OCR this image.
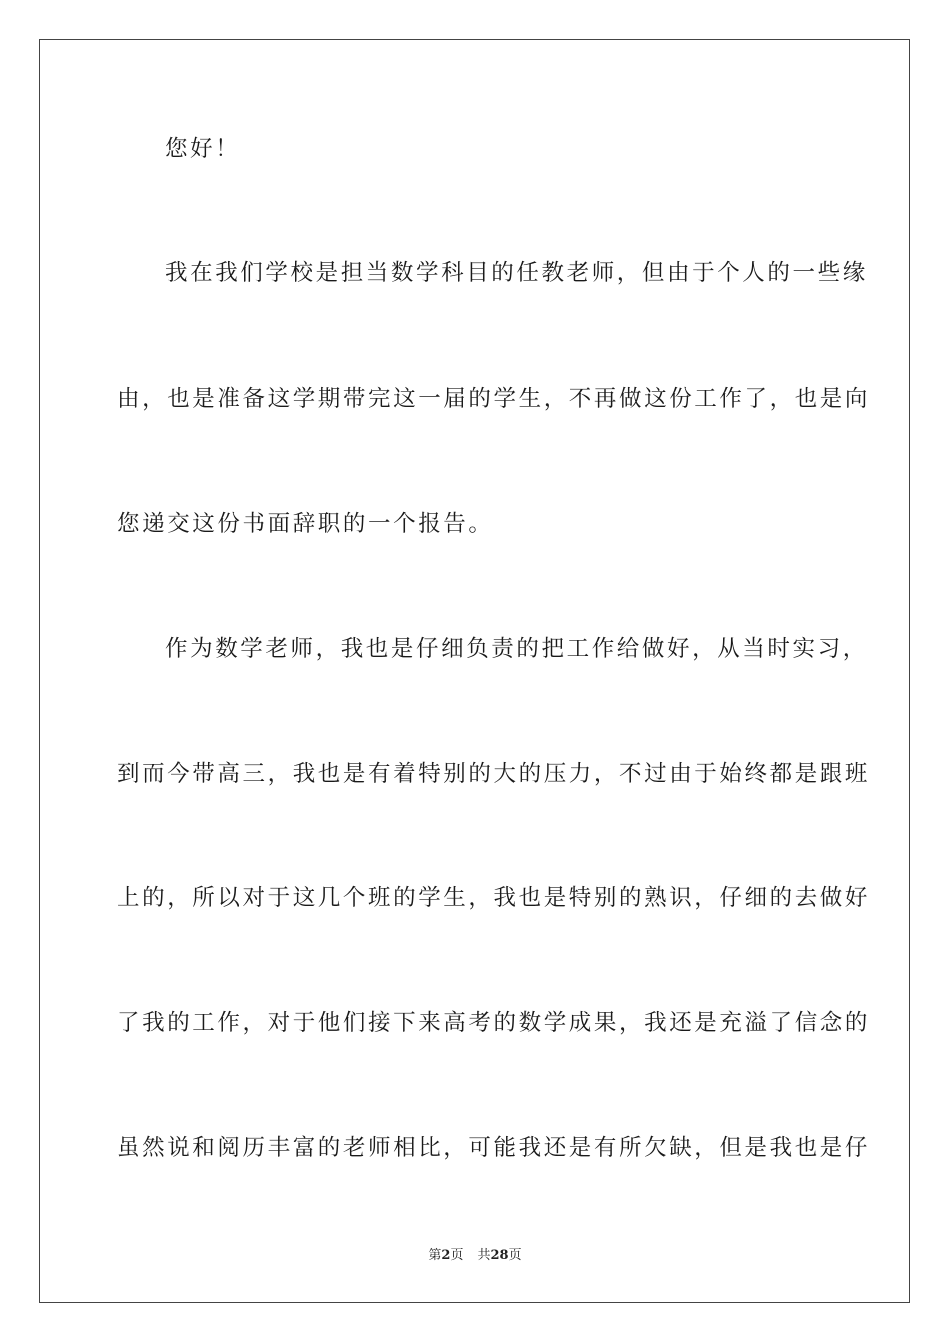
您好！
我在我们学校是担当数学科目的任教老师，但由于个人的一些缘
由，也是准备这学期带完这一届的学生，不再做这份工作了，也是向
您递交这份书面辞职的一个报告。
作为数学老师，我也是仔细负责的把工作给做好，从当时实习，
到而今带高三，我也是有着特别的大的压力，不过由于始终都是跟班
上的，所以对于这几个班的学生，我也是特别的熟识，仔细的去做好
了我的工作，对于他们接下来高考的数学成果，我还是充溢了信念的
虽然说和阅历丰富的老师相比，可能我还是有所欠缺，但是我也是仔
第2页 共28页
